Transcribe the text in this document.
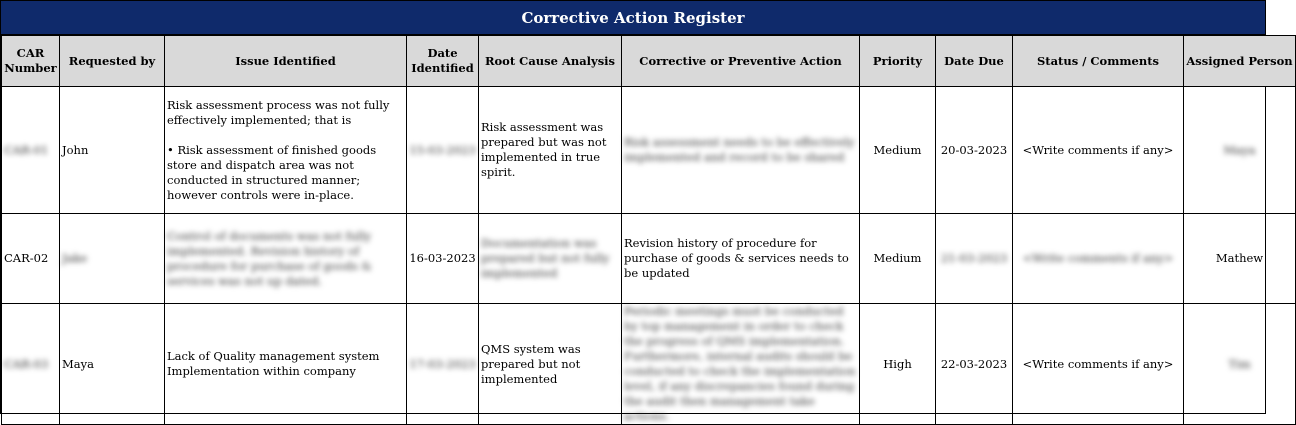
Corrective Action Register
CAR Number	Requested by	Issue Identified	Date Identified	Root Cause Analysis	Corrective or Preventive Action	Priority	Date Due	Status / Comments	Assigned Person
CAR-01	John	Risk assessment process was not fully effectively implemented; that is

• Risk assessment of finished goods store and dispatch area was not conducted in structured manner; however controls were in-place.	15-03-2023	Risk assessment was prepared but was not implemented in true spirit.	Risk assessment needs to be effectively implemented and record to be shared	Medium	20-03-2023	<Write comments if any>	Maya
CAR-02	Jake	Control of documents was not fully implemented. Revision history of procedure for purchase of goods & services was not up dated.	16-03-2023	Documentation was prepared but not fully implemented	Revision history of procedure for purchase of goods & services needs to be updated	Medium	21-03-2023	<Write comments if any>	Mathew
CAR-03	Maya	Lack of Quality management system Implementation within company	17-03-2023	QMS system was prepared but not implemented	Periodic meetings must be conducted by top management in order to check the progress of QMS implementation. Furthermore, internal audits should be conducted to check the implementation level, if any discrepancies found during the audit then management take actions.	High	22-03-2023	<Write comments if any>	Tim
